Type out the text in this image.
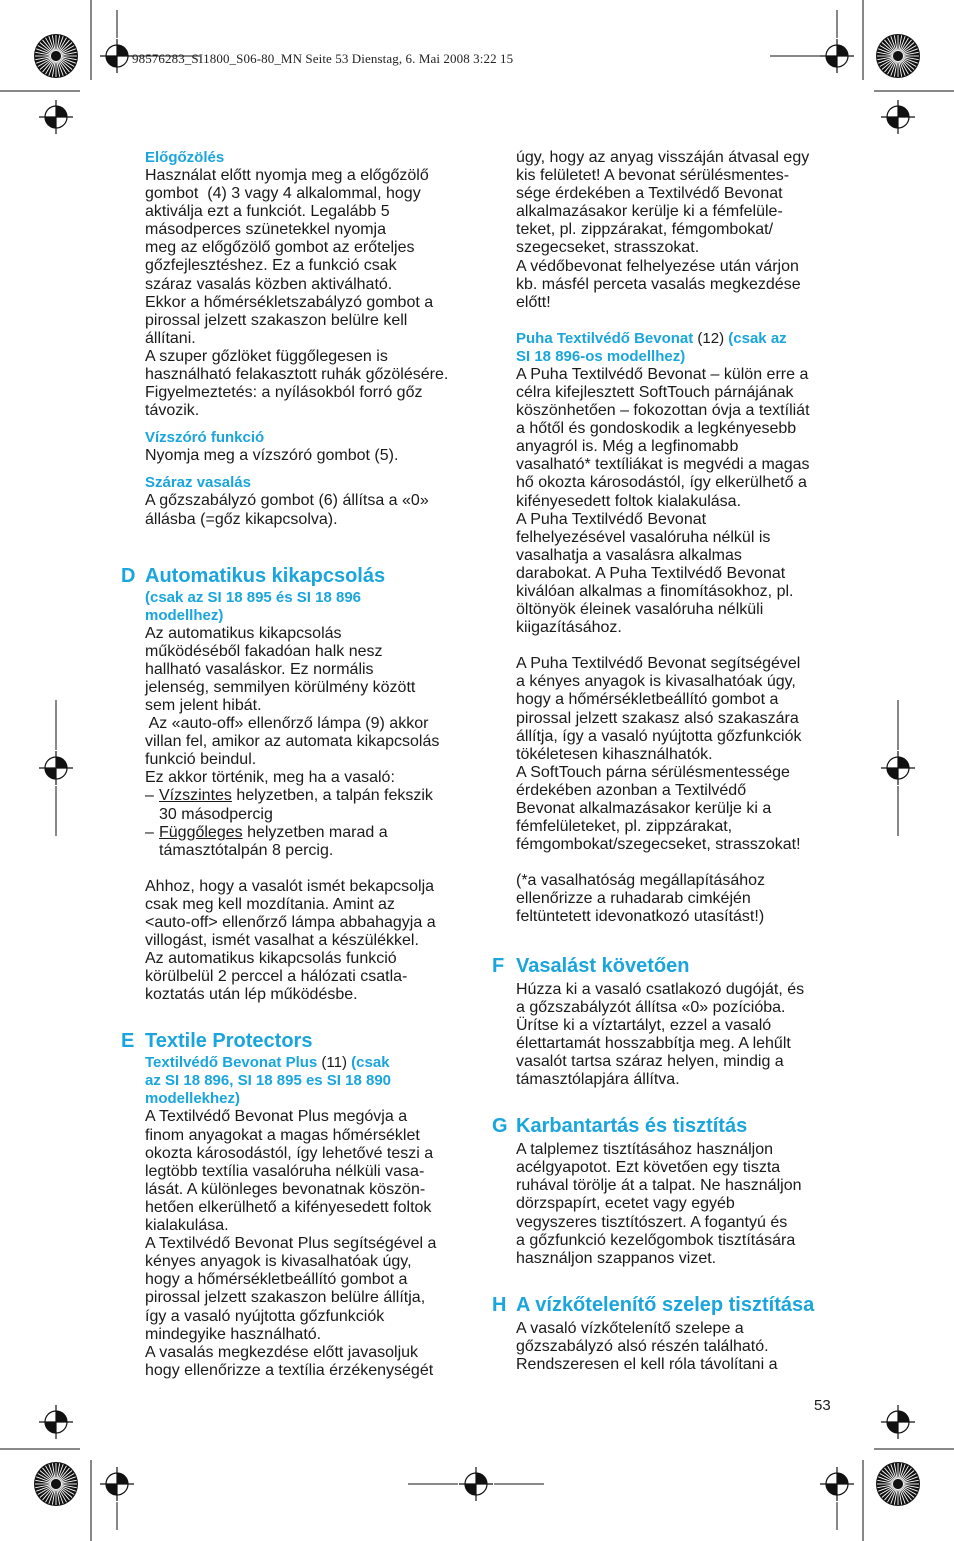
98576283_SI1800_S06-80_MN Seite 53 Dienstag, 6. Mai 2008 3:22 15
Előgőzölés
Használat előtt nyomja meg a előgőzölő
gombot  (4) 3 vagy 4 alkalommal, hogy
aktiválja ezt a funkciót. Legalább 5
másodperces szünetekkel nyomja
meg az előgőzölő gombot az erőteljes
gőzfejlesztéshez. Ez a funkció csak
száraz vasalás közben aktiválható.
Ekkor a hőmérsékletszabályzó gombot a
pirossal jelzett szakaszon belülre kell
állítani.
A szuper gőzlöket függőlegesen is
használható felakasztott ruhák gőzölésére.
Figyelmeztetés: a nyílásokból forró gőz
távozik.
Vízszóró funkció
Nyomja meg a vízszóró gombot (5).
Száraz vasalás
A gőzszabályzó gombot (6) állítsa a «0»
állásba (=gőz kikapcsolva).
D Automatikus kikapcsolás
(csak az SI 18 895 és SI 18 896
modellhez)
Az automatikus kikapcsolás
működéséből fakadóan halk nesz
hallható vasaláskor. Ez normális
jelenség, semmilyen körülmény között
sem jelent hibát.
Az «auto-off» ellenőrző lámpa (9) akkor
villan fel, amikor az automata kikapcsolás
funkció beindul.
Ez akkor történik, meg ha a vasaló:
– Vízszintes helyzetben, a talpán fekszik
30 másodpercig
– Függőleges helyzetben marad a
támasztótalpán 8 percig.
Ahhoz, hogy a vasalót ismét bekapcsolja
csak meg kell mozdítania. Amint az
<auto-off> ellenőrző lámpa abbahagyja a
villogást, ismét vasalhat a készülékkel.
Az automatikus kikapcsolás funkció
körülbelül 2 perccel a hálózati csatla-
koztatás után lép működésbe.
E Textile Protectors
Textilvédő Bevonat Plus (11) (csak
az SI 18 896, SI 18 895 es SI 18 890
modellekhez)
A Textilvédő Bevonat Plus megóvja a
finom anyagokat a magas hőmérséklet
okozta károsodástól, így lehetővé teszi a
legtöbb textília vasalóruha nélküli vasa-
lását. A különleges bevonatnak köszön-
hetően elkerülhető a kifényesedett foltok
kialakulása.
A Textilvédő Bevonat Plus segítségével a
kényes anyagok is kivasalhatóak úgy,
hogy a hőmérsékletbeállító gombot a
pirossal jelzett szakaszon belülre állítja,
így a vasaló nyújtotta gőzfunkciók
mindegyike használható.
A vasalás megkezdése előtt javasoljuk
hogy ellenőrizze a textília érzékenységét
úgy, hogy az anyag visszáján átvasal egy
kis felületet! A bevonat sérülésmentes-
sége érdekében a Textilvédő Bevonat
alkalmazásakor kerülje ki a fémfelüle-
teket, pl. zippzárakat, fémgombokat/
szegecseket, strasszokat.
A védőbevonat felhelyezése után várjon
kb. másfél perceta vasalás megkezdése
előtt!
Puha Textilvédő Bevonat (12) (csak az
SI 18 896-os modellhez)
A Puha Textilvédő Bevonat – külön erre a
célra kifejlesztett SoftTouch párnájának
köszönhetően – fokozottan óvja a textíliát
a hőtől és gondoskodik a legkényesebb
anyagról is. Még a legfinomabb
vasalható* textíliákat is megvédi a magas
hő okozta károsodástól, így elkerülhető a
kifényesedett foltok kialakulása.
A Puha Textilvédő Bevonat
felhelyezésével vasalóruha nélkül is
vasalhatja a vasalásra alkalmas
darabokat. A Puha Textilvédő Bevonat
kiválóan alkalmas a finomításokhoz, pl.
öltönyök éleinek vasalóruha nélküli
kiigazításához.
A Puha Textilvédő Bevonat segítségével
a kényes anyagok is kivasalhatóak úgy,
hogy a hőmérsékletbeállító gombot a
pirossal jelzett szakasz alsó szakaszára
állítja, így a vasaló nyújtotta gőzfunkciók
tökéletesen kihasználhatók.
A SoftTouch párna sérülésmentessége
érdekében azonban a Textilvédő
Bevonat alkalmazásakor kerülje ki a
fémfelületeket, pl. zippzárakat,
fémgombokat/szegecseket, strasszokat!
(*a vasalhatóság megállapításához
ellenőrizze a ruhadarab cimkéjén
feltüntetett idevonatkozó utasítást!)
F Vasalást követően
Húzza ki a vasaló csatlakozó dugóját, és
a gőzszabályzót állítsa «0» pozícióba.
Ürítse ki a víztartályt, ezzel a vasaló
élettartamát hosszabbítja meg. A lehűlt
vasalót tartsa száraz helyen, mindig a
támasztólapjára állítva.
G Karbantartás és tisztítás
A talplemez tisztításához használjon
acélgyapotot. Ezt követően egy tiszta
ruhával törölje át a talpat. Ne használjon
dörzspapírt, ecetet vagy egyéb
vegyszeres tisztítószert. A fogantyú és
a gőzfunkció kezelőgombok tisztítására
használjon szappanos vizet.
H A vízkőtelenítő szelep tisztítása
A vasaló vízkőtelenítő szelepe a
gőzszabályzó alsó részén található.
Rendszeresen el kell róla távolítani a
53
